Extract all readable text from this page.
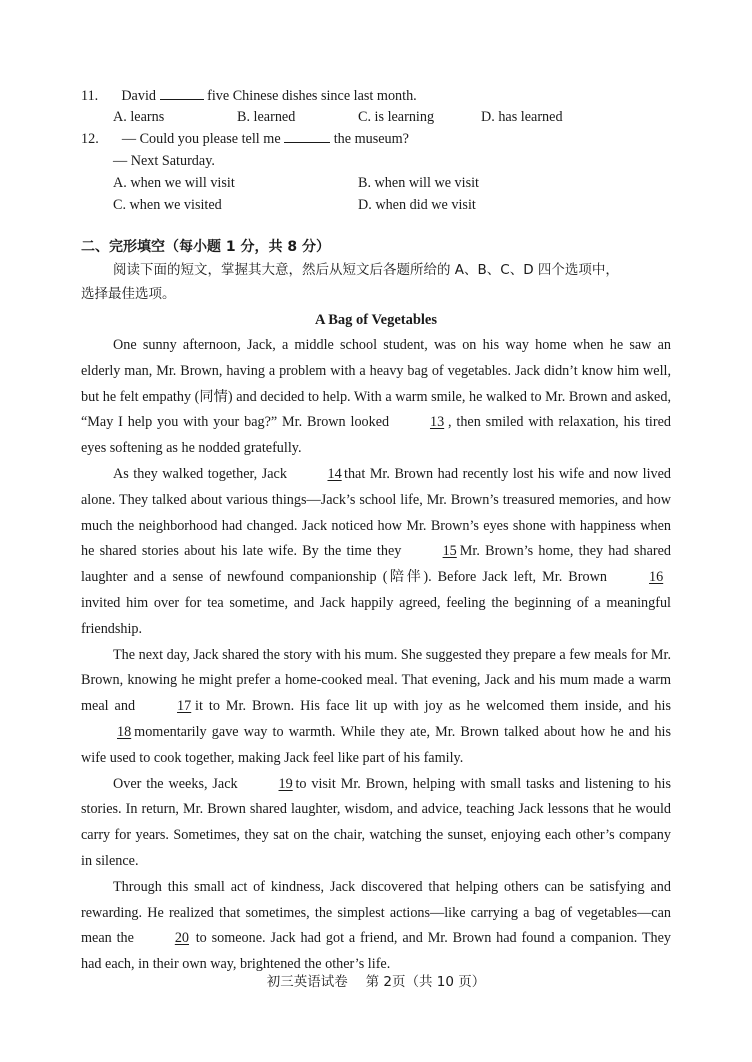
11. David	five Chinese dishes since last month.
A. learns	B. learned	C. is learning	D. has learned
12. — Could you please tell me	the museum?
— Next Saturday.
A. when we will visit	B. when will we visit
C. when we visited	D. when did we visit
二、完形填空（每小题 1 分，共 8 分）
阅读下面的短文，掌握其大意，然后从短文后各题所给的 A、B、C、D 四个选项中，
选择最佳选项。
A Bag of Vegetables

One sunny afternoon, Jack, a middle school student, was on his way home when he saw an elderly man, Mr. Brown, having a problem with a heavy bag of vegetables. Jack didn’t know him well, but he felt empathy (同情) and decided to help. With a warm smile, he walked to Mr. Brown and asked, “May I help you with your bag?” Mr. Brown looked	13 , then smiled with relaxation, his tired eyes softening as he nodded gratefully.

As they walked together, Jack	14 that Mr. Brown had recently lost his wife and now lived alone. They talked about various things—Jack’s school life, Mr. Brown’s treasured memories, and how much the neighborhood had changed. Jack noticed how Mr. Brown’s eyes shone with happiness when he shared stories about his late wife. By the time they	15 Mr. Brown’s home, they had shared laughter and a sense of newfound companionship (陪伴). Before Jack left, Mr. Brown	16 invited him over for tea sometime, and Jack happily agreed, feeling the beginning of a meaningful friendship.

The next day, Jack shared the story with his mum. She suggested they prepare a few meals for Mr. Brown, knowing he might prefer a home-cooked meal. That evening, Jack and his mum made a warm meal and	17 it to Mr. Brown. His face lit up with joy as he welcomed them inside, and his 18 momentarily gave way to warmth. While they ate, Mr. Brown talked about how he and his wife used to cook together, making Jack feel like part of his family.

Over the weeks, Jack	19 to visit Mr. Brown, helping with small tasks and listening to his stories. In return, Mr. Brown shared laughter, wisdom, and advice, teaching Jack lessons that he would carry for years. Sometimes, they sat on the chair, watching the sunset, enjoying each other’s company in silence.

Through this small act of kindness, Jack discovered that helping others can be satisfying and rewarding. He realized that sometimes, the simplest actions—like carrying a bag of vegetables—can mean the	20 to someone. Jack had got a friend, and Mr. Brown had found a companion. They had each, in their own way, brightened the other’s life.

初三英语试卷　 第 2页（共 10 页）
